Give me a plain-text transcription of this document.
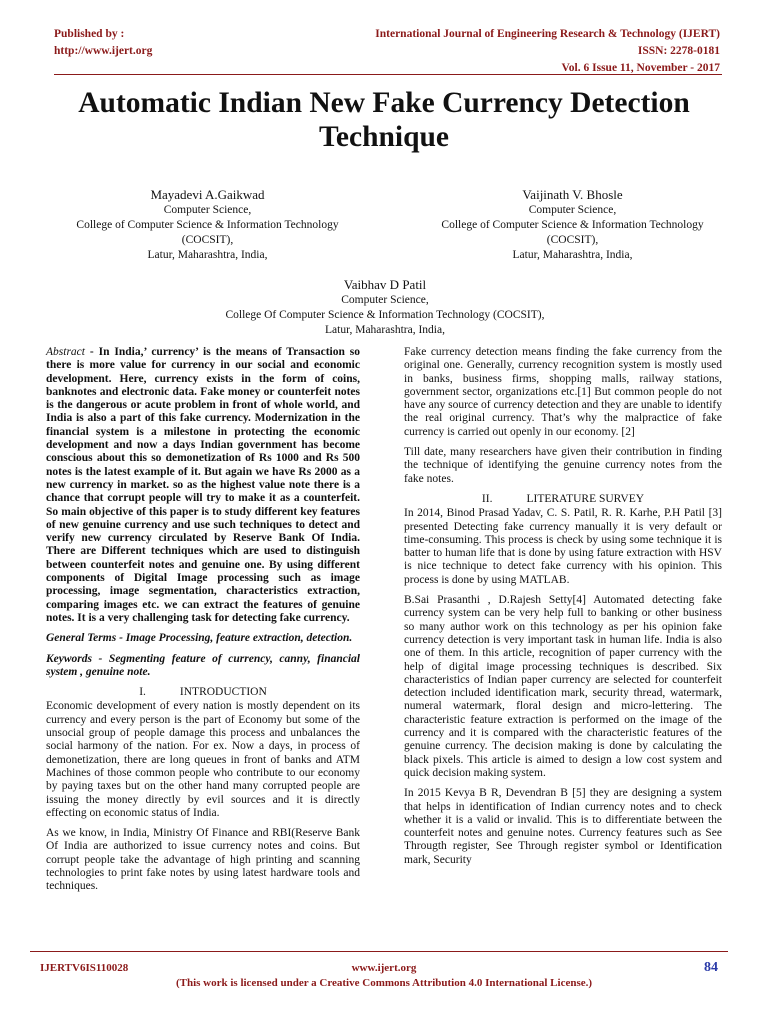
Published by :
http://www.ijert.org
International Journal of Engineering Research & Technology (IJERT)
ISSN: 2278-0181
Vol. 6 Issue 11, November - 2017
Automatic Indian New Fake Currency Detection Technique
Mayadevi A.Gaikwad
Computer Science,
College of Computer Science & Information Technology
(COCSIT),
Latur, Maharashtra, India,
Vaijinath V. Bhosle
Computer Science,
College of Computer Science & Information Technology
(COCSIT),
Latur, Maharashtra, India,
Vaibhav D Patil
Computer Science,
College Of Computer Science & Information Technology (COCSIT),
Latur, Maharashtra, India,

Abstract - In India,’ currency’ is the means of Transaction so there is more value for currency in our social and economic development. Here, currency exists in the form of coins, banknotes and electronic data. Fake money or counterfeit notes is the dangerous or acute problem in front of whole world, and India is also a part of this fake currency. Modernization in the financial system is a milestone in protecting the economic development and now a days Indian government has become conscious about this so demonetization of Rs 1000 and Rs 500 notes is the latest example of it. But again we have Rs 2000 as a new currency in market. so as the highest value note there is a chance that corrupt people will try to make it as a counterfeit. So main objective of this paper is to study different key features of new genuine currency and use such techniques to detect and verify new currency circulated by Reserve Bank Of India. There are Different techniques which are used to distinguish between counterfeit notes and genuine one. By using different components of Digital Image processing such as image processing, image segmentation, characteristics extraction, comparing images etc. we can extract the features of genuine notes. It is a very challenging task for detecting fake currency.

General Terms - Image Processing, feature extraction, detection.

Keywords - Segmenting feature of currency, canny, financial system , genuine note.

I.	INTRODUCTION

Economic development of every nation is mostly dependent on its currency and every person is the part of Economy but some of the unsocial group of people damage this process and unbalances the social harmony of the nation. For ex. Now a days, in process of demonetization, there are long queues in front of banks and ATM Machines of those common people who contribute to our economy by paying taxes but on the other hand many corrupted people are issuing the money directly by evil sources and it is directly effecting on economic status of India.

As we know, in India, Ministry Of Finance and RBI(Reserve Bank Of India are authorized to issue currency notes and coins. But corrupt people take the advantage of high printing and scanning technologies to print fake notes by using latest hardware tools and techniques.

Fake currency detection means finding the fake currency from the original one. Generally, currency recognition system is mostly used in banks, business firms, shopping malls, railway stations, government sector, organizations etc.[1] But common people do not have any source of currency detection and they are unable to identify the real original currency. That’s why the malpractice of fake currency is carried out openly in our economy. [2]

Till date, many researchers have given their contribution in finding the technique of identifying the genuine currency notes from the fake notes.

II.	LITERATURE SURVEY

In 2014, Binod Prasad Yadav, C. S. Patil, R. R. Karhe, P.H Patil [3] presented Detecting fake currency manually it is very default or time-consuming. This process is check by using some technique it is batter to human life that is done by using fature extraction with HSV is nice technique to detect fake currency with his opinion. This process is done by using MATLAB.

B.Sai Prasanthi , D.Rajesh Setty[4] Automated detecting fake currency system can be very help full to banking or other business so many author work on this technology as per his opinion fake currency detection is very important task in human life. India is also one of them. In this article, recognition of paper currency with the help of digital image processing techniques is described. Six characteristics of Indian paper currency are selected for counterfeit detection included identification mark, security thread, watermark, numeral watermark, floral design and micro-lettering. The characteristic feature extraction is performed on the image of the currency and it is compared with the characteristic features of the genuine currency. The decision making is done by calculating the black pixels. This article is aimed to design a low cost system and quick decision making system.

In 2015 Kevya B R, Devendran B [5] they are designing a system that helps in identification of Indian currency notes and to check whether it is a valid or invalid. This is to differentiate between the counterfeit notes and genuine notes. Currency features such as See Througth register, See Through register symbol or Identification mark, Security

IJERTV6IS110028	www.ijert.org	84
(This work is licensed under a Creative Commons Attribution 4.0 International License.)
